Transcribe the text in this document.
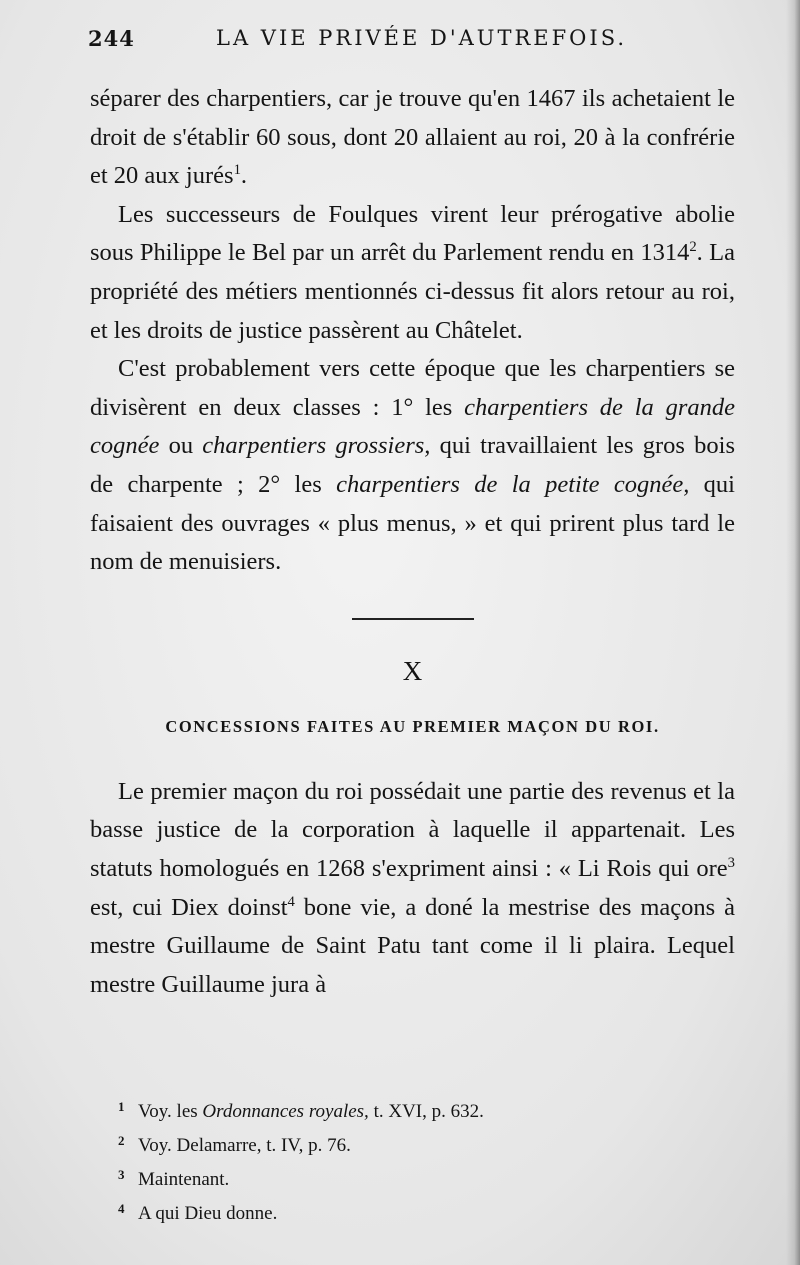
244	LA VIE PRIVÉE D'AUTREFOIS.

séparer des charpentiers, car je trouve qu'en 1467 ils achetaient le droit de s'établir 60 sous, dont 20 allaient au roi, 20 à la confrérie et 20 aux jurés$^1$.

Les successeurs de Foulques virent leur prérogative abolie sous Philippe le Bel par un arrêt du Parlement rendu en 1314$^2$. La propriété des métiers mentionnés ci-dessus fit alors retour au roi, et les droits de justice passèrent au Châtelet.

C'est probablement vers cette époque que les charpentiers se divisèrent en deux classes : 1° les charpentiers de la grande cognée ou charpentiers grossiers, qui travaillaient les gros bois de charpente ; 2° les charpentiers de la petite cognée, qui faisaient des ouvrages « plus menus, » et qui prirent plus tard le nom de menuisiers.

X
CONCESSIONS FAITES AU PREMIER MAÇON DU ROI.

Le premier maçon du roi possédait une partie des revenus et la basse justice de la corporation à laquelle il appartenait. Les statuts homologués en 1268 s'expriment ainsi : « Li Rois qui ore$^3$ est, cui Diex doinst$^4$ bone vie, a doné la mestrise des maçons à mestre Guillaume de Saint Patu tant come il li plaira. Lequel mestre Guillaume jura à

1 Voy. les Ordonnances royales, t. XVI, p. 632.
2 Voy. Delamarre, t. IV, p. 76.
3 Maintenant.
4 A qui Dieu donne.
